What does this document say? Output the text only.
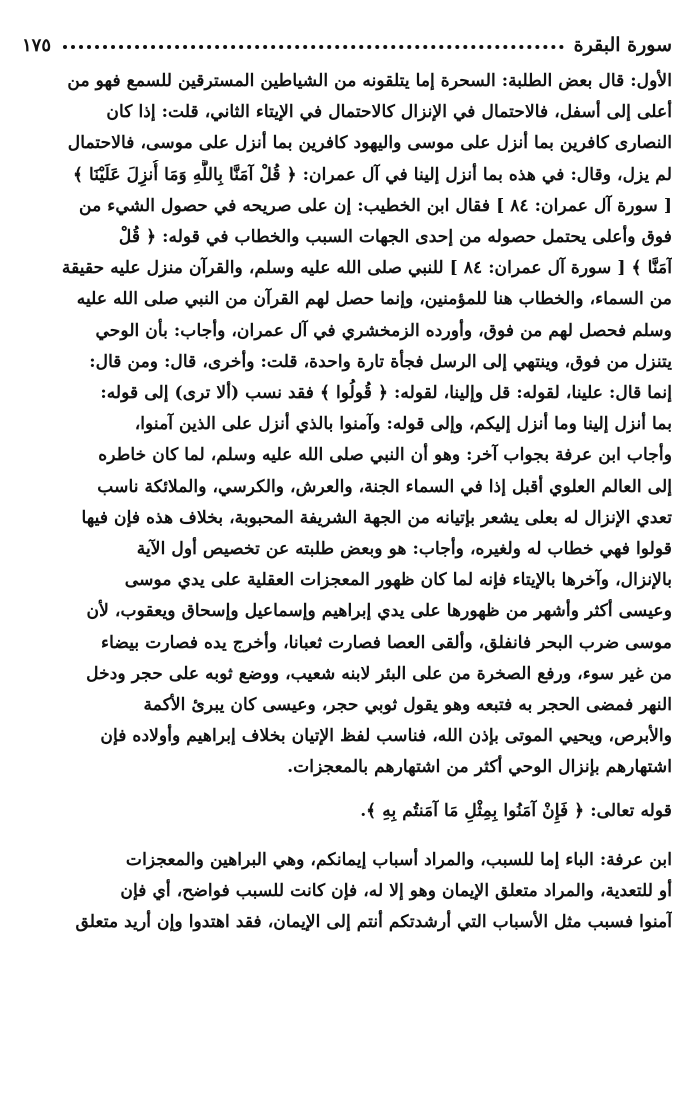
سورة البقرة
١٧٥

الأول: قال بعض الطلبة: السحرة إما يتلقونه من الشياطين المسترقين للسمع فهو من
أعلى إلى أسفل، فالاحتمال في الإنزال كالاحتمال في الإيتاء الثاني، قلت: إذا كان
النصارى كافرين بما أنزل على موسى واليهود كافرين بما أنزل على موسى، فالاحتمال
لم يزل، وقال: في هذه بما أنزل إلينا في آل عمران: ﴿ قُلْ آمَنَّا بِاللَّهِ وَمَا أُنزِلَ عَلَيْنَا ﴾
[ سورة آل عمران: ٨٤ ] فقال ابن الخطيب: إن على صريحه في حصول الشيء من
فوق وأعلى يحتمل حصوله من إحدى الجهات السبب والخطاب في قوله: ﴿ قُلْ
آمَنَّا ﴾ [ سورة آل عمران: ٨٤ ] للنبي صلى الله عليه وسلم، والقرآن منزل عليه حقيقة
من السماء، والخطاب هنا للمؤمنين، وإنما حصل لهم القرآن من النبي صلى الله عليه
وسلم فحصل لهم من فوق، وأورده الزمخشري في آل عمران، وأجاب: بأن الوحي
يتنزل من فوق، وينتهي إلى الرسل فجأة تارة واحدة، قلت: وأخرى، قال: ومن قال:
إنما قال: علينا، لقوله: قل وإلينا، لقوله: ﴿ قُولُوا ﴾ فقد نسب (ألا ترى) إلى قوله:
بما أنزل إلينا وما أنزل إليكم، وإلى قوله: وآمنوا بالذي أنزل على الذين آمنوا،
وأجاب ابن عرفة بجواب آخر: وهو أن النبي صلى الله عليه وسلم، لما كان خاطره
إلى العالم العلوي أقبل إذا في السماء الجنة، والعرش، والكرسي، والملائكة ناسب
تعدي الإنزال له بعلى يشعر بإتيانه من الجهة الشريفة المحبوبة، بخلاف هذه فإن فيها
قولوا فهي خطاب له ولغيره، وأجاب: هو وبعض طلبته عن تخصيص أول الآية
بالإنزال، وآخرها بالإيتاء فإنه لما كان ظهور المعجزات العقلية على يدي موسى
وعيسى أكثر وأشهر من ظهورها على يدي إبراهيم وإسماعيل وإسحاق ويعقوب، لأن
موسى ضرب البحر فانفلق، وألقى العصا فصارت ثعبانا، وأخرج يده فصارت بيضاء
من غير سوء، ورفع الصخرة من على البئر لابنه شعيب، ووضع ثوبه على حجر ودخل
النهر فمضى الحجر به فتبعه وهو يقول ثوبي حجر، وعيسى كان يبرئ الأكمة
والأبرص، ويحيي الموتى بإذن الله، فناسب لفظ الإتيان بخلاف إبراهيم وأولاده فإن
اشتهارهم بإنزال الوحي أكثر من اشتهارهم بالمعجزات.

قوله تعالى: ﴿ فَإِنْ آمَنُوا بِمِثْلِ مَا آمَنتُم بِهِ ﴾.

ابن عرفة: الباء إما للسبب، والمراد أسباب إيمانكم، وهي البراهين والمعجزات
أو للتعدية، والمراد متعلق الإيمان وهو إلا له، فإن كانت للسبب فواضح، أي فإن
آمنوا فسبب مثل الأسباب التي أرشدتكم أنتم إلى الإيمان، فقد اهتدوا وإن أريد متعلق
